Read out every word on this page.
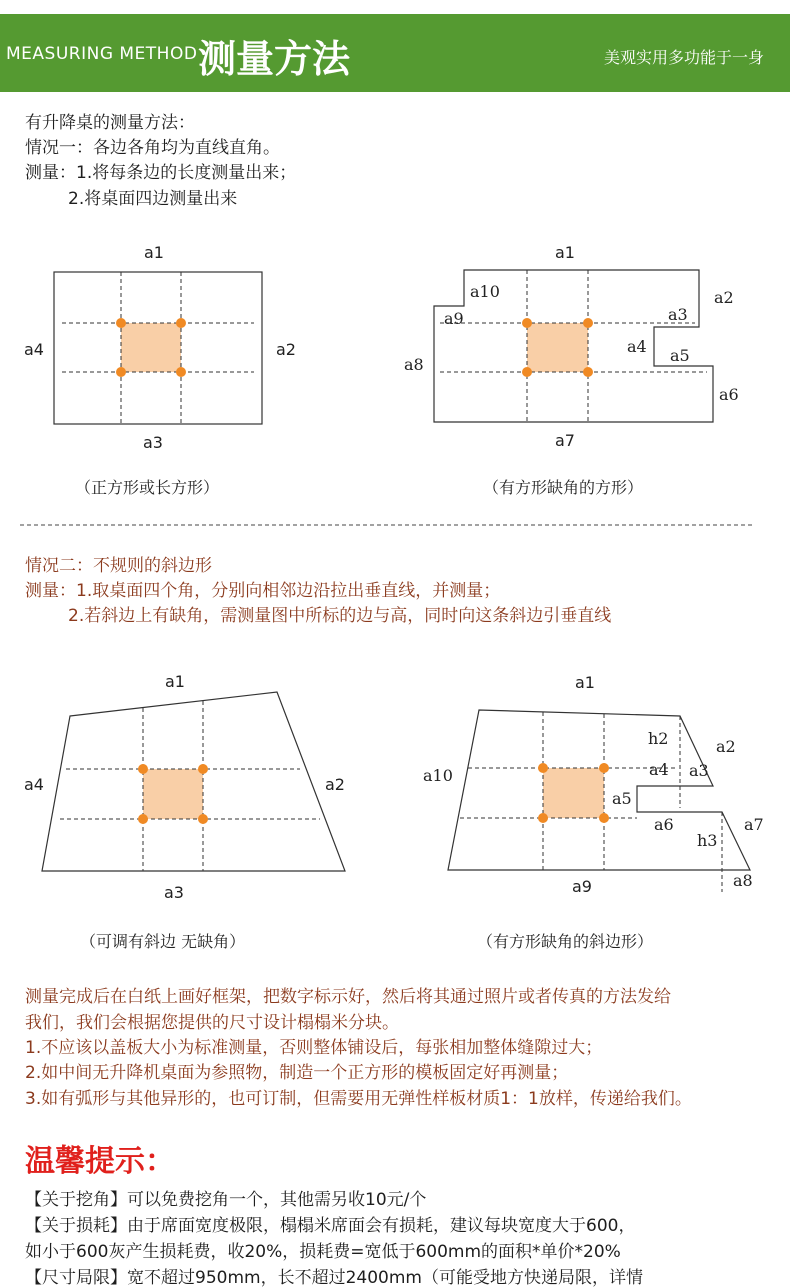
MEASURING METHOD 测量方法	美观实用多功能于一身
有升降桌的测量方法：
情况一：各边各角均为直线直角。
测量：1.将每条边的长度测量出来；
2.将桌面四边测量出来
a1
a2
a3
a4
a1
a2
a3
a4 a5
a6
a7
a8
a9
a10
a1
a2
a3
a4
a1
a2
a3
a4
a5
a6	a7
a8
a9
a10
h2
h3
（正方形或长方形）	（有方形缺角的方形）
（可调有斜边 无缺角）	（有方形缺角的斜边形）
情况二：不规则的斜边形
测量：1.取桌面四个角，分别向相邻边沿拉出垂直线，并测量；
2.若斜边上有缺角，需测量图中所标的边与高，同时向这条斜边引垂直线
测量完成后在白纸上画好框架，把数字标示好，然后将其通过照片或者传真的方法发给
我们，我们会根据您提供的尺寸设计榻榻米分块。
1.不应该以盖板大小为标准测量，否则整体铺设后，每张相加整体缝隙过大；
2.如中间无升降机桌面为参照物，制造一个正方形的模板固定好再测量；
3.如有弧形与其他异形的，也可订制，但需要用无弹性样板材质1：1放样，传递给我们。
温馨提示：
【关于挖角】可以免费挖角一个，其他需另收10元/个
【关于损耗】由于席面宽度极限，榻榻米席面会有损耗，建议每块宽度大于600，
如小于600灰产生损耗费，收20%，损耗费=宽低于600mm的面积*单价*20%
【尺寸局限】宽不超过950mm，长不超过2400mm（可能受地方快递局限，详情
